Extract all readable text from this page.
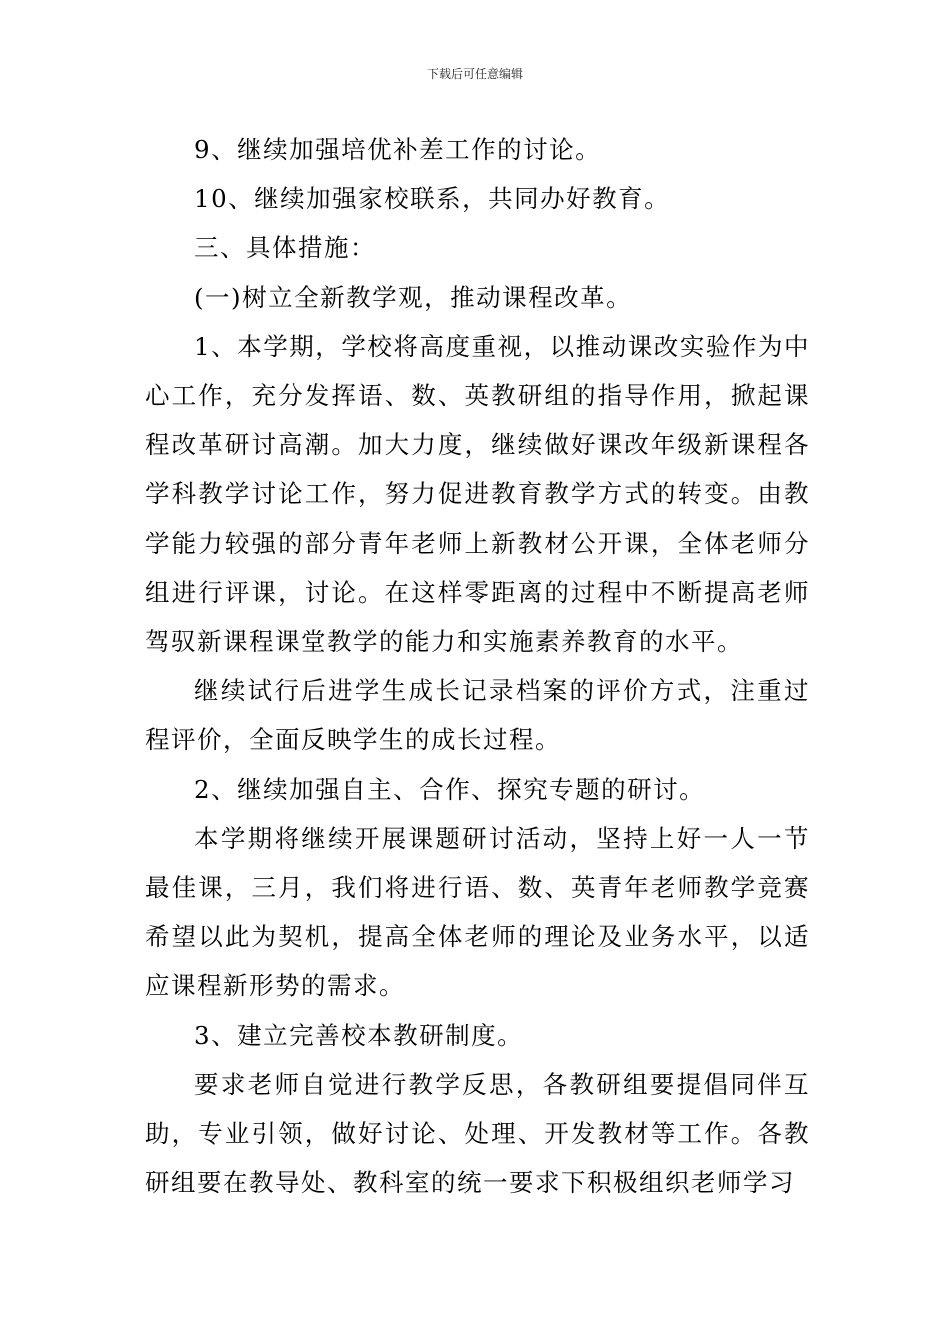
下载后可任意编辑

9、继续加强培优补差工作的讨论。

10、继续加强家校联系，共同办好教育。

三、具体措施：

(一)树立全新教学观，推动课程改革。

1、本学期，学校将高度重视，以推动课改实验作为中心工作，充分发挥语、数、英教研组的指导作用，掀起课程改革研讨高潮。加大力度，继续做好课改年级新课程各学科教学讨论工作，努力促进教育教学方式的转变。由教学能力较强的部分青年老师上新教材公开课，全体老师分组进行评课，讨论。在这样零距离的过程中不断提高老师驾驭新课程课堂教学的能力和实施素养教育的水平。

继续试行后进学生成长记录档案的评价方式，注重过程评价，全面反映学生的成长过程。

2、继续加强自主、合作、探究专题的研讨。

本学期将继续开展课题研讨活动，坚持上好一人一节最佳课，三月，我们将进行语、数、英青年老师教学竞赛希望以此为契机，提高全体老师的理论及业务水平，以适应课程新形势的需求。

3、建立完善校本教研制度。

要求老师自觉进行教学反思，各教研组要提倡同伴互助，专业引领，做好讨论、处理、开发教材等工作。各教研组要在教导处、教科室的统一要求下积极组织老师学习
